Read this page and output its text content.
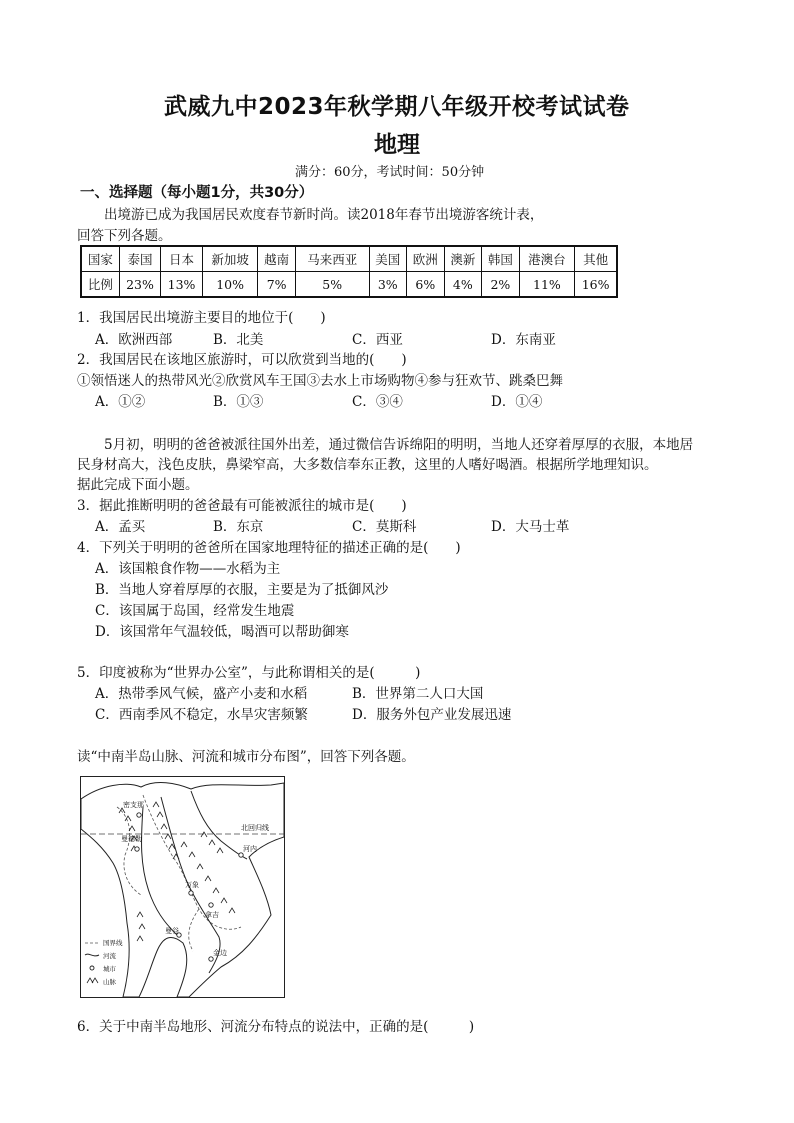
武威九中2023年秋学期八年级开校考试试卷
地理
满分：60分，考试时间：50分钟
一、选择题（每小题1分，共30分）
出境游已成为我国居民欢度春节新时尚。读2018年春节出境游客统计表，
回答下列各题。
国家	泰国	日本	新加坡	越南	马来西亚	美国	欧洲	澳新	韩国	港澳台	其他
比例	23%	13%	10%	7%	5%	3%	6%	4%	2%	11%	16%
1．我国居民出境游主要目的地位于(　　)
A．欧洲西部	B．北美	C．西亚	D．东南亚
2．我国居民在该地区旅游时，可以欣赏到当地的(　　)
①领悟迷人的热带风光②欣赏风车王国③去水上市场购物④参与狂欢节、跳桑巴舞
A．①②	B．①③	C．③④	D．①④
5月初，明明的爸爸被派往国外出差，通过微信告诉绵阳的明明，当地人还穿着厚厚的衣服，本地居
民身材高大，浅色皮肤，鼻梁窄高，大多数信奉东正教，这里的人嗜好喝酒。根据所学地理知识。
据此完成下面小题。
3．据此推断明明的爸爸最有可能被派往的城市是(　　)
A．孟买	B．东京	C．莫斯科	D．大马士革
4．下列关于明明的爸爸所在国家地理特征的描述正确的是(　　)
A．该国粮食作物——水稻为主
B．当地人穿着厚厚的衣服，主要是为了抵御风沙
C．该国属于岛国，经常发生地震
D．该国常年气温较低，喝酒可以帮助御寒
5．印度被称为“世界办公室”，与此称谓相关的是(　　　)
A．热带季风气候，盛产小麦和水稻	B．世界第二人口大国
C．西南季风不稳定，水旱灾害频繁	D．服务外包产业发展迅速
读“中南半岛山脉、河流和城市分布图”，回答下列各题。
北回归线
密支那
曼德勒
河内
万象
拿吉
曼谷
金边
国界线
河流
城市
山脉
6．关于中南半岛地形、河流分布特点的说法中，正确的是(　　　)
